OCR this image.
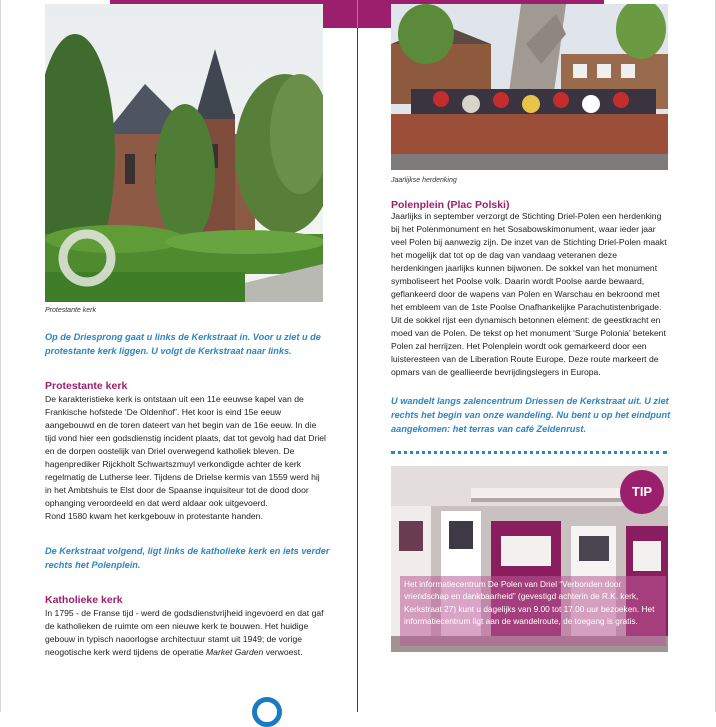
Protestante kerk
Op de Driesprong gaat u links de Kerkstraat in. Voor u ziet u de protestante kerk liggen. U volgt de Kerkstraat naar links.
Protestante kerk

De karakteristieke kerk is ontstaan uit een 11e eeuwse kapel van de Frankische hofstede ‘De Oldenhof’. Het koor is eind 15e eeuw aangebouwd en de toren dateert van het begin van de 16e eeuw. In die tijd vond hier een godsdienstig incident plaats, dat tot gevolg had dat Driel en de dorpen oostelijk van Driel overwegend katholiek bleven. De hagenprediker Rijckholt Schwartszmuyl verkondigde achter de kerk regelmatig de Lutherse leer. Tijdens de Drielse kermis van 1559 werd hij in het Ambtshuis te Elst door de Spaanse inquisiteur tot de dood door ophanging veroordeeld en dat werd aldaar ook uitgevoerd.

Rond 1580 kwam het kerkgebouw in protestante handen.

De Kerkstraat volgend, ligt links de katholieke kerk en iets verder rechts het Polenplein.
Katholieke kerk

In 1795 - de Franse tijd - werd de godsdienstvrijheid ingevoerd en dat gaf de katholieken de ruimte om een nieuwe kerk te bouwen. Het huidige gebouw in typisch naoorlogse architectuur stamt uit 1949; de vorige neogotische kerk werd tijdens de operatie Market Garden verwoest.

Jaarlijkse herdenking
Polenplein (Plac Polski)

Jaarlijks in september verzorgt de Stichting Driel-Polen een herdenking bij het Polenmonument en het Sosabowskimonument, waar ieder jaar veel Polen bij aanwezig zijn. De inzet van de Stichting Driel-Polen maakt het mogelijk dat tot op de dag van vandaag veteranen deze herdenkingen jaarlijks kunnen bijwonen. De sokkel van het monument symboliseert het Poolse volk. Daarin wordt Poolse aarde bewaard, geflankeerd door de wapens van Polen en Warschau en bekroond met het embleem van de 1ste Poolse Onafhankelijke Parachutistenbrigade. Uit de sokkel rijst een dynamisch betonnen element: de geestkracht en moed van de Polen. De tekst op het monument ‘Surge Polonia’ betekent Polen zal herrijzen. Het Polenplein wordt ook gemarkeerd door een luisteresteen van de Liberation Route Europe. Deze route markeert de opmars van de geallieerde bevrijdingslegers in Europa.

U wandelt langs zalencentrum Driessen de Kerkstraat uit. U ziet rechts het begin van onze wandeling. Nu bent u op het eindpunt aangekomen: het terras van café Zeldenrust.
TIP
Het informatiecentrum De Polen van Driel “Verbonden door vriendschap en dankbaarheid” (gevestigd achterin de R.K. kerk, Kerkstraat 27) kunt u dagelijks van 9.00 tot 17.00 uur bezoeken. Het informatiecentrum ligt aan de wandelroute, de toegang is gratis.
